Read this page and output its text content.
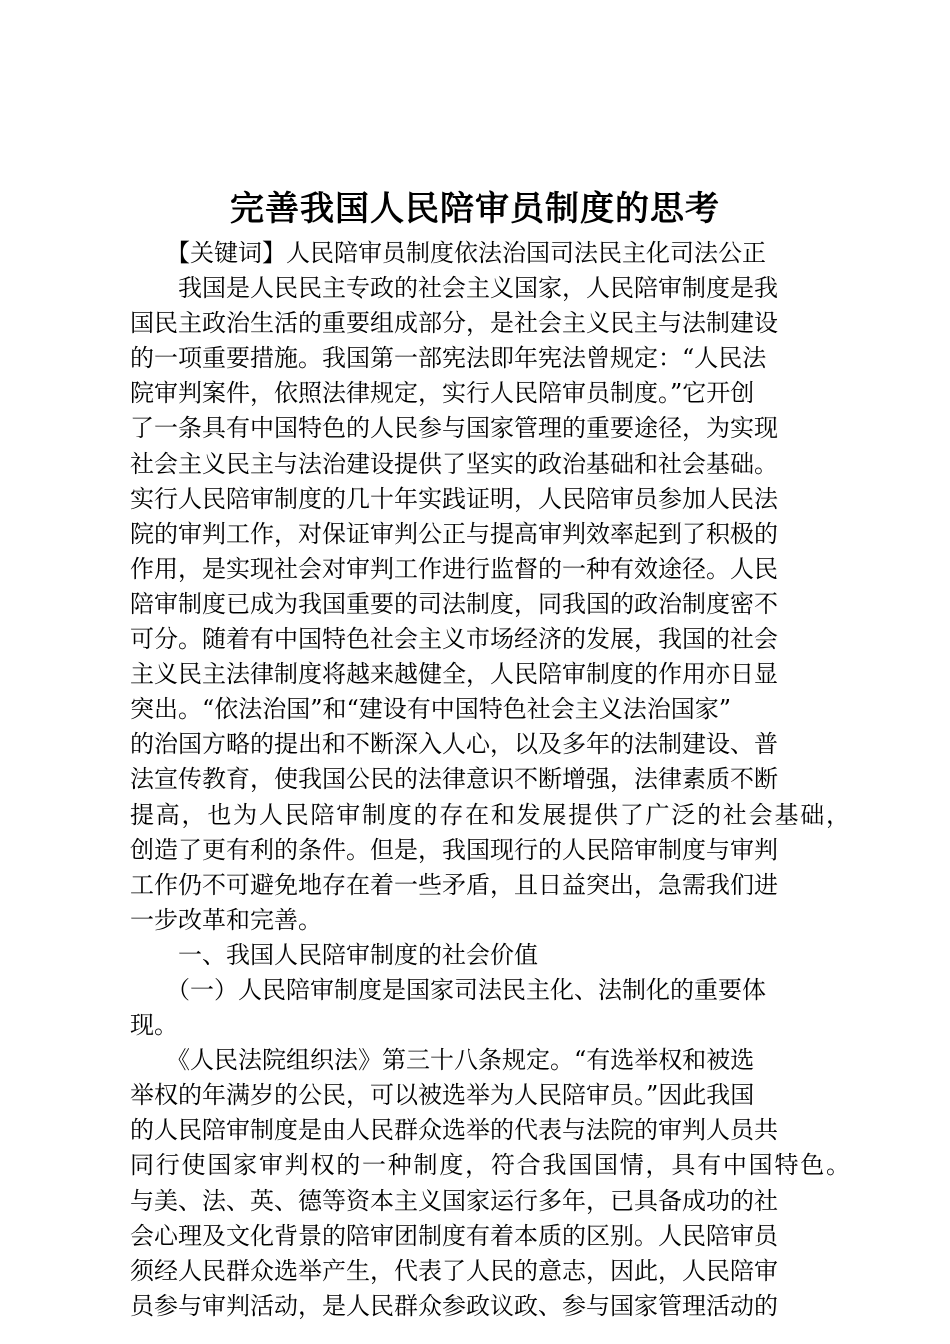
完善我国人民陪审员制度的思考
　　【关键词】人民陪审员制度依法治国司法民主化司法公正
　　我国是人民民主专政的社会主义国家，人民陪审制度是我
国民主政治生活的重要组成部分，是社会主义民主与法制建设
的一项重要措施。我国第一部宪法即年宪法曾规定：“人民法
院审判案件，依照法律规定，实行人民陪审员制度。”它开创
了一条具有中国特色的人民参与国家管理的重要途径，为实现
社会主义民主与法治建设提供了坚实的政治基础和社会基础。
实行人民陪审制度的几十年实践证明，人民陪审员参加人民法
院的审判工作，对保证审判公正与提高审判效率起到了积极的
作用，是实现社会对审判工作进行监督的一种有效途径。人民
陪审制度已成为我国重要的司法制度，同我国的政治制度密不
可分。随着有中国特色社会主义市场经济的发展，我国的社会
主义民主法律制度将越来越健全，人民陪审制度的作用亦日显
突出。“依法治国”和“建设有中国特色社会主义法治国家”
的治国方略的提出和不断深入人心，以及多年的法制建设、普
法宣传教育，使我国公民的法律意识不断增强，法律素质不断
提高，也为人民陪审制度的存在和发展提供了广泛的社会基础，
创造了更有利的条件。但是，我国现行的人民陪审制度与审判
工作仍不可避免地存在着一些矛盾，且日益突出，急需我们进
一步改革和完善。
　　一、我国人民陪审制度的社会价值
　　（一）人民陪审制度是国家司法民主化、法制化的重要体
现。
　　《人民法院组织法》第三十八条规定。“有选举权和被选
举权的年满岁的公民，可以被选举为人民陪审员。”因此我国
的人民陪审制度是由人民群众选举的代表与法院的审判人员共
同行使国家审判权的一种制度，符合我国国情，具有中国特色。
与美、法、英、德等资本主义国家运行多年，已具备成功的社
会心理及文化背景的陪审团制度有着本质的区别。人民陪审员
须经人民群众选举产生，代表了人民的意志，因此，人民陪审
员参与审判活动，是人民群众参政议政、参与国家管理活动的
